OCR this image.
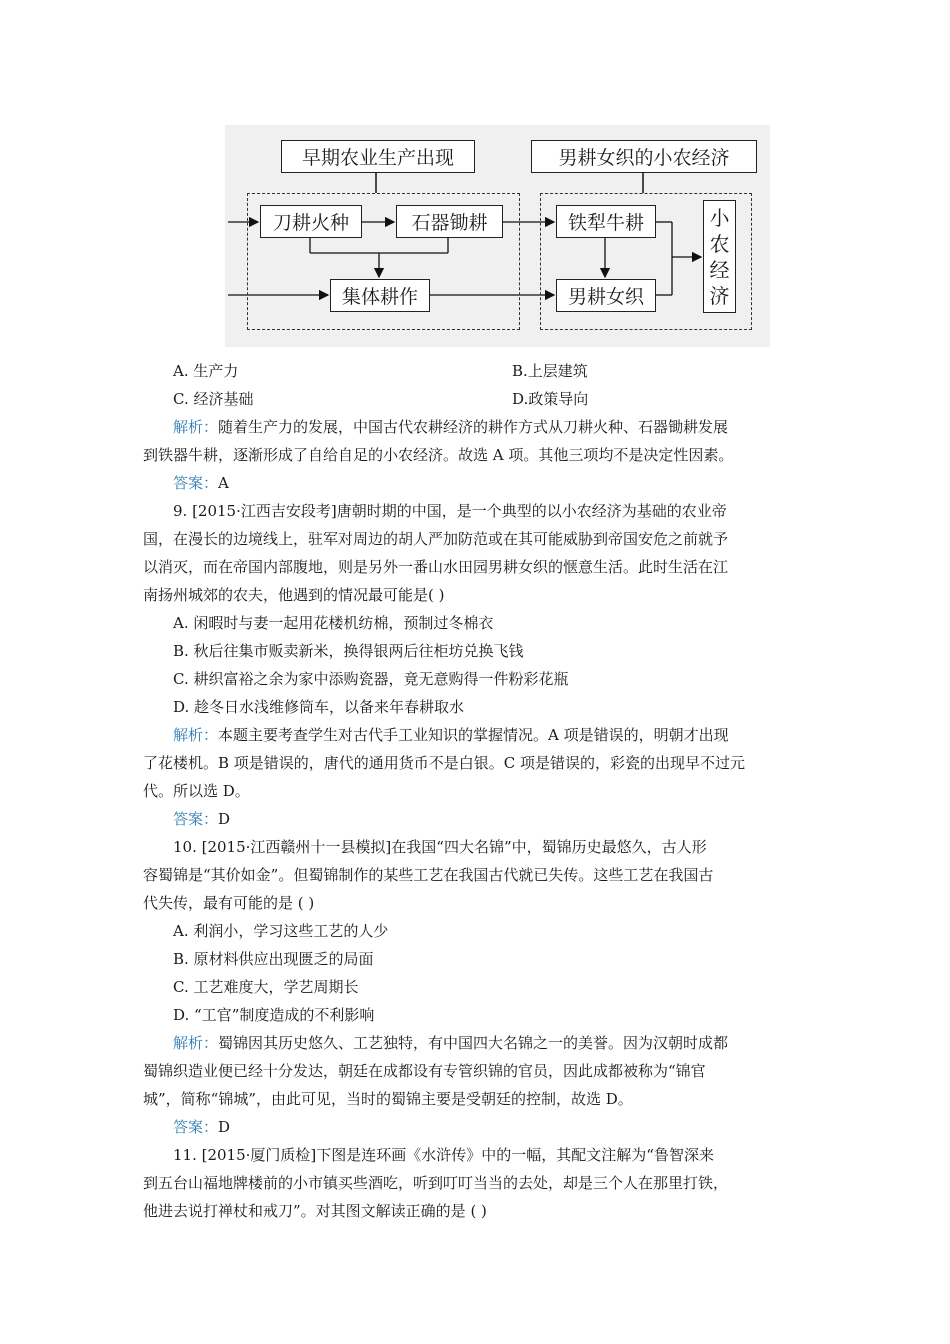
早期农业生产出现	男耕女织的小农经济
刀耕火种	石器锄耕
集体耕作
铁犁牛耕
男耕女织
小
农
经
济
A. 生产力	B.上层建筑
C. 经济基础	D.政策导向
解析：随着生产力的发展，中国古代农耕经济的耕作方式从刀耕火种、石器锄耕发展
到铁器牛耕，逐渐形成了自给自足的小农经济。故选 A 项。其他三项均不是决定性因素。
答案：A
9. [2015·江西吉安段考]唐朝时期的中国，是一个典型的以小农经济为基础的农业帝
国，在漫长的边境线上，驻军对周边的胡人严加防范或在其可能威胁到帝国安危之前就予
以消灭，而在帝国内部腹地，则是另外一番山水田园男耕女织的惬意生活。此时生活在江
南扬州城郊的农夫，他遇到的情况最可能是( )
A. 闲暇时与妻一起用花楼机纺棉，预制过冬棉衣
B. 秋后往集市贩卖新米，换得银两后往柜坊兑换飞钱
C. 耕织富裕之余为家中添购瓷器，竟无意购得一件粉彩花瓶
D. 趁冬日水浅维修筒车，以备来年春耕取水
解析：本题主要考查学生对古代手工业知识的掌握情况。A 项是错误的，明朝才出现
了花楼机。B 项是错误的，唐代的通用货币不是白银。C 项是错误的，彩瓷的出现早不过元
代。所以选 D。
答案：D
10. [2015·江西赣州十一县模拟]在我国“四大名锦”中，蜀锦历史最悠久，古人形
容蜀锦是“其价如金”。但蜀锦制作的某些工艺在我国古代就已失传。这些工艺在我国古
代失传，最有可能的是 ( )
A. 利润小，学习这些工艺的人少
B. 原材料供应出现匮乏的局面
C. 工艺难度大，学艺周期长
D. “工官”制度造成的不利影响
解析：蜀锦因其历史悠久、工艺独特，有中国四大名锦之一的美誉。因为汉朝时成都
蜀锦织造业便已经十分发达，朝廷在成都设有专管织锦的官员，因此成都被称为“锦官
城”，简称“锦城”，由此可见，当时的蜀锦主要是受朝廷的控制，故选 D。
答案：D
11. [2015·厦门质检]下图是连环画《水浒传》中的一幅，其配文注解为“鲁智深来
到五台山福地牌楼前的小市镇买些酒吃，听到叮叮当当的去处，却是三个人在那里打铁，
他进去说打禅杖和戒刀”。对其图文解读正确的是 ( )
